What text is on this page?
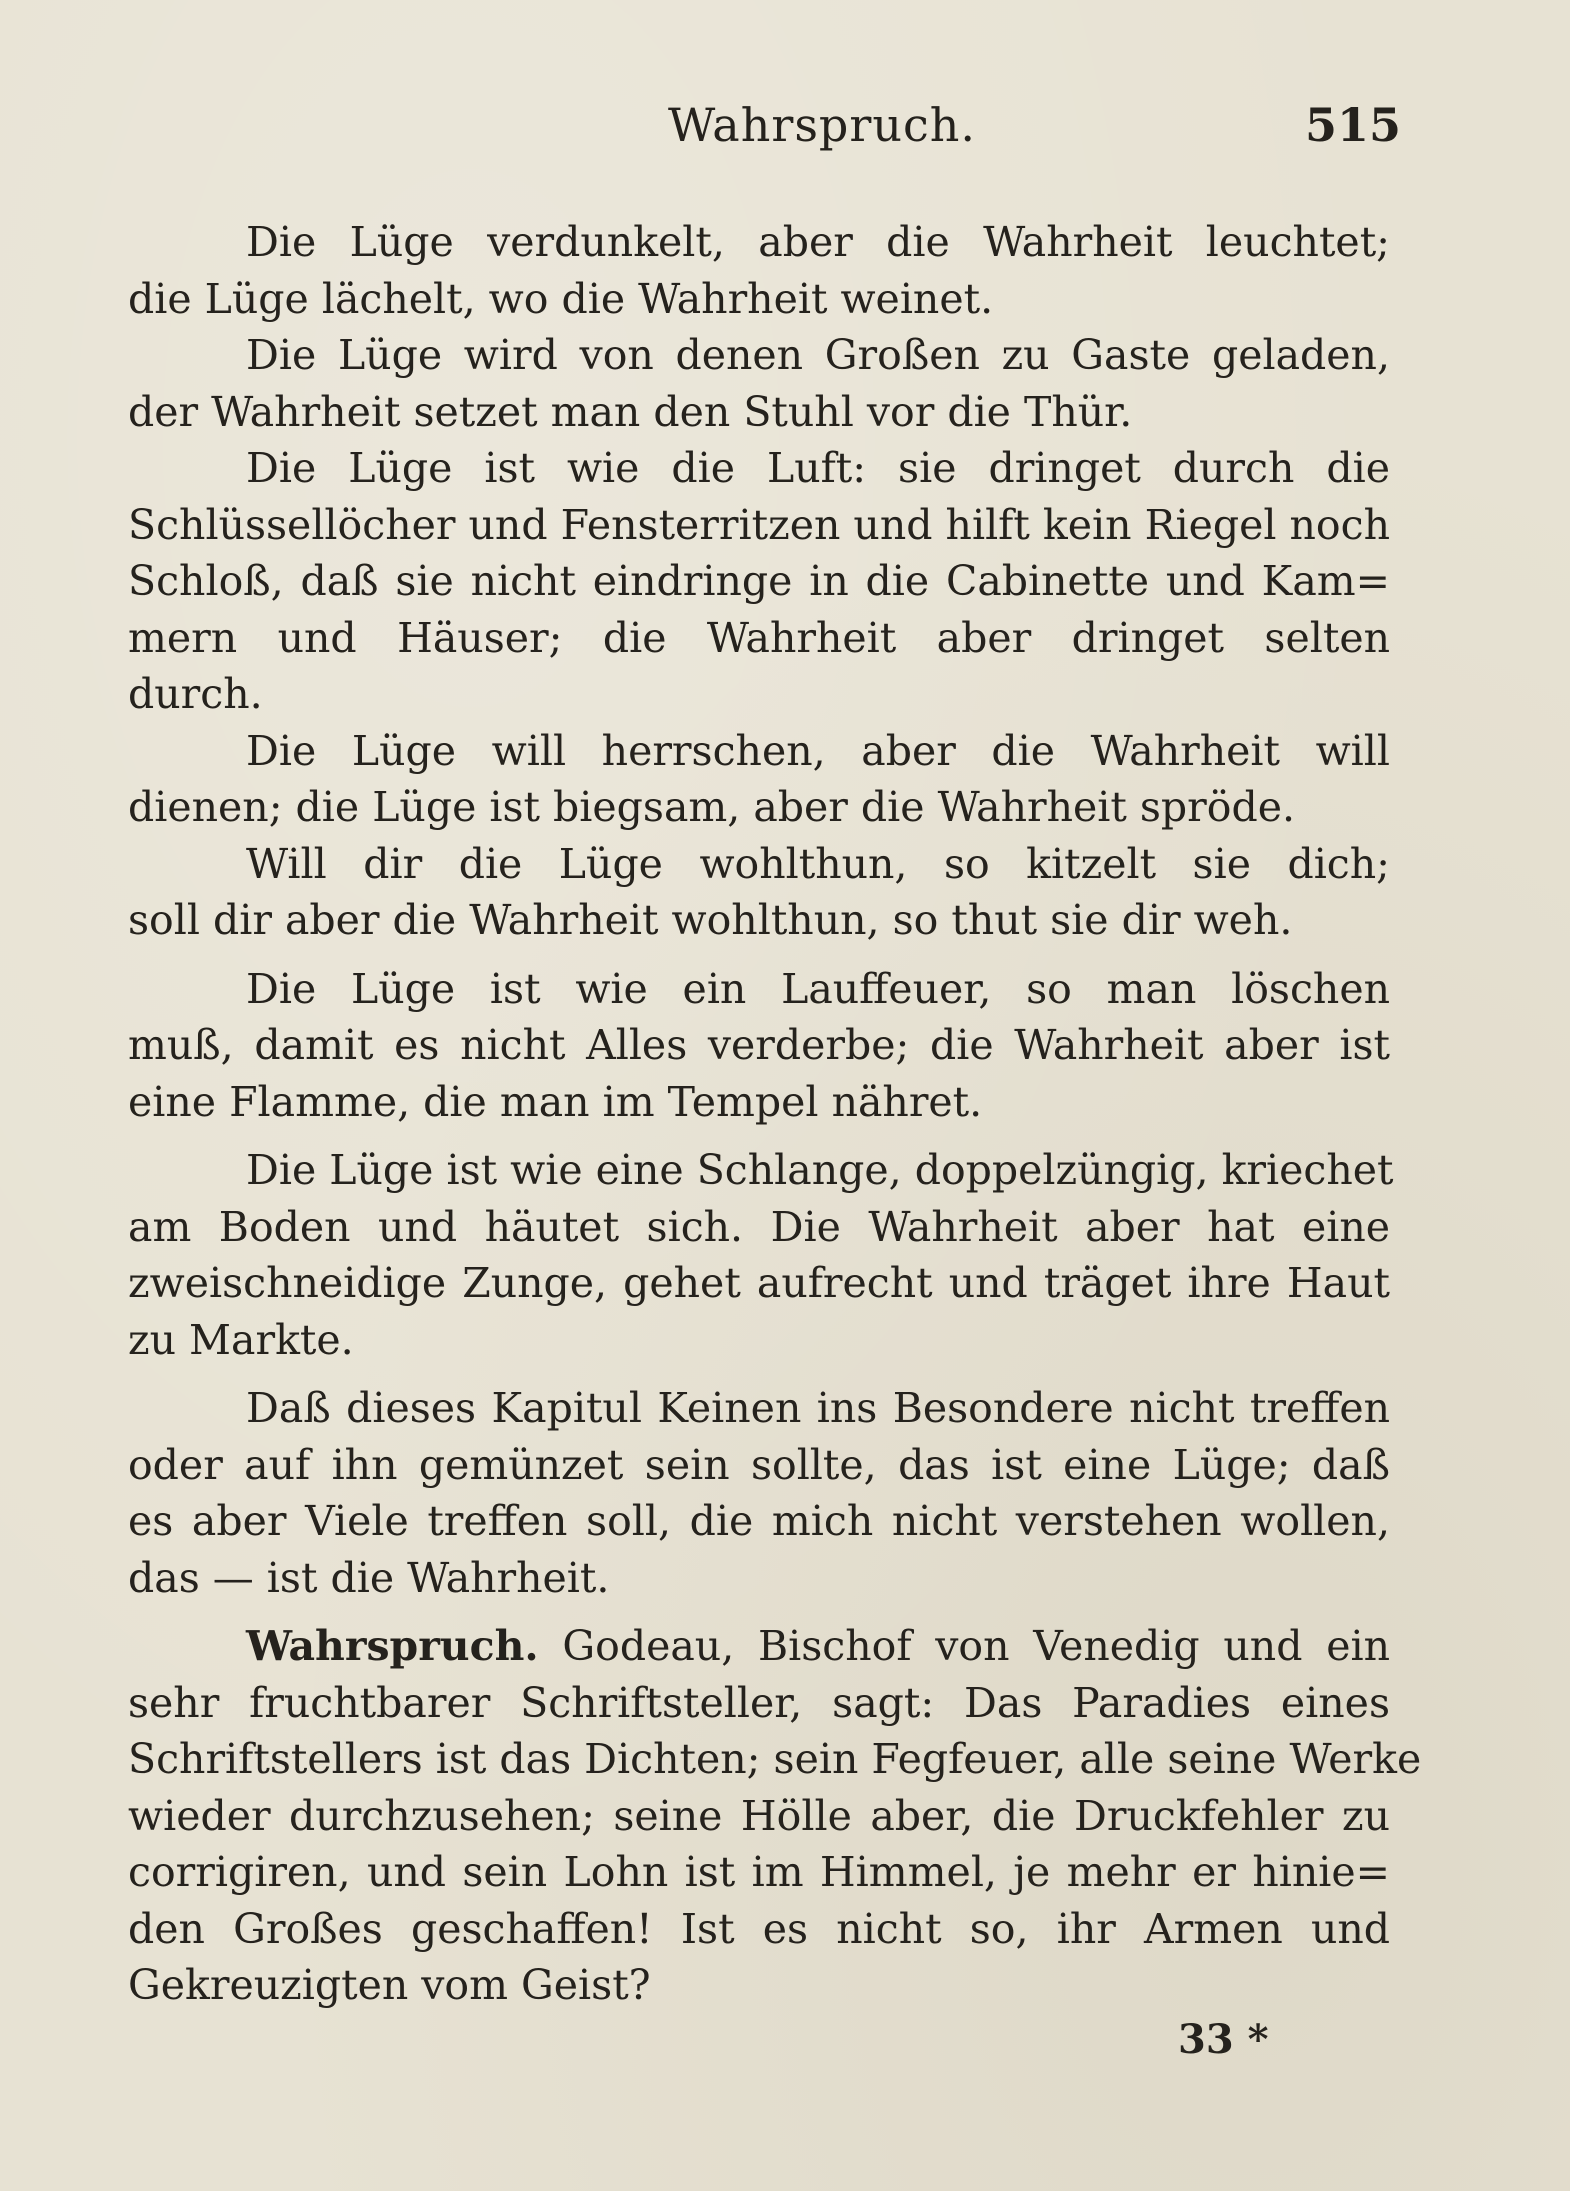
Wahrspruch.	515
Die Lüge verdunkelt, aber die Wahrheit leuchtet;
die Lüge lächelt, wo die Wahrheit weinet.
Die Lüge wird von denen Großen zu Gaste geladen,
der Wahrheit setzet man den Stuhl vor die Thür.
Die Lüge ist wie die Luft: sie dringet durch die
Schlüssellöcher und Fensterritzen und hilft kein Riegel noch
Schloß, daß sie nicht eindringe in die Cabinette und Kam=
mern und Häuser; die Wahrheit aber dringet selten
durch.
Die Lüge will herrschen, aber die Wahrheit will
dienen; die Lüge ist biegsam, aber die Wahrheit spröde.
Will dir die Lüge wohlthun, so kitzelt sie dich;
soll dir aber die Wahrheit wohlthun, so thut sie dir weh.
Die Lüge ist wie ein Lauffeuer, so man löschen
muß, damit es nicht Alles verderbe; die Wahrheit aber ist
eine Flamme, die man im Tempel nähret.
Die Lüge ist wie eine Schlange, doppelzüngig, kriechet
am Boden und häutet sich. Die Wahrheit aber hat eine
zweischneidige Zunge, gehet aufrecht und träget ihre Haut
zu Markte.
Daß dieses Kapitul Keinen ins Besondere nicht treffen
oder auf ihn gemünzet sein sollte, das ist eine Lüge; daß
es aber Viele treffen soll, die mich nicht verstehen wollen,
das — ist die Wahrheit.
Wahrspruch. Godeau, Bischof von Venedig und ein
sehr fruchtbarer Schriftsteller, sagt: Das Paradies eines
Schriftstellers ist das Dichten; sein Fegfeuer, alle seine Werke
wieder durchzusehen; seine Hölle aber, die Druckfehler zu
corrigiren, und sein Lohn ist im Himmel, je mehr er hinie=
den Großes geschaffen! Ist es nicht so, ihr Armen und
Gekreuzigten vom Geist?
33 *
